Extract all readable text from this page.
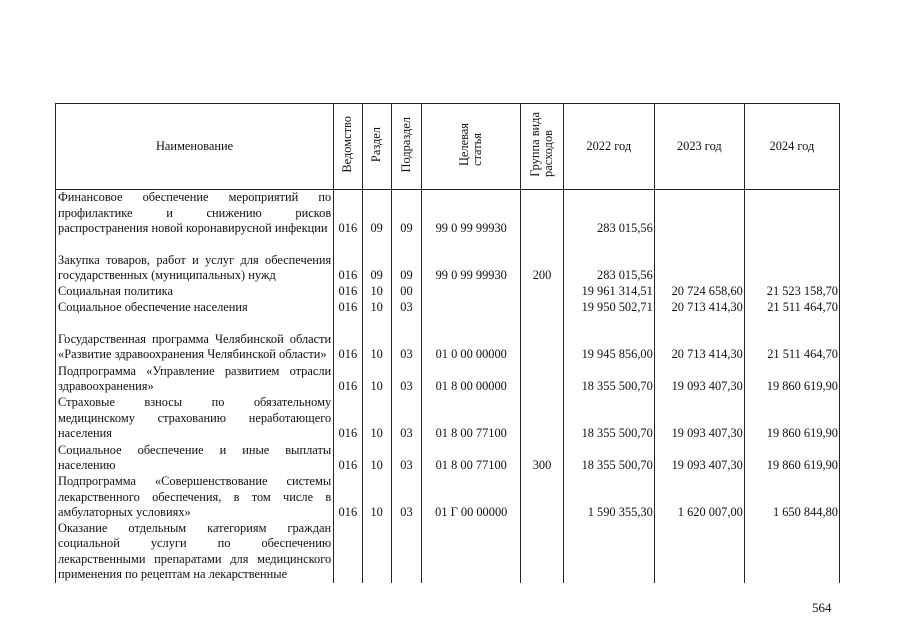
Наименование	Ведомство	Раздел	Подраздел	Целеваястатья	Группа видарасходов	2022 год	2023 год	2024 год
Финансовое обеспечение мероприятий по профилактике и снижению рисков распространения новой коронавирусной инфекции	016	09	09	99 0 99 99930		283 015,56		
Закупка товаров, работ и услуг для обеспечения государственных (муниципальных) нужд	016	09	09	99 0 99 99930	200	283 015,56		
Социальная политика	016	10	00			19 961 314,51	20 724 658,60	21 523 158,70
Социальное обеспечение населения	016	10	03			19 950 502,71	20 713 414,30	21 511 464,70
Государственная программа Челябинской области «Развитие здравоохранения Челябинской области»	016	10	03	01 0 00 00000		19 945 856,00	20 713 414,30	21 511 464,70
Подпрограмма «Управление развитием отрасли здравоохранения»	016	10	03	01 8 00 00000		18 355 500,70	19 093 407,30	19 860 619,90
Страховые взносы по обязательному медицинскому страхованию неработающего населения	016	10	03	01 8 00 77100		18 355 500,70	19 093 407,30	19 860 619,90
Социальное обеспечение и иные выплаты населению	016	10	03	01 8 00 77100	300	18 355 500,70	19 093 407,30	19 860 619,90
Подпрограмма «Совершенствование системы лекарственного обеспечения, в том числе в амбулаторных условиях»	016	10	03	01 Г 00 00000		1 590 355,30	1 620 007,00	1 650 844,80
Оказание отдельным категориям граждан социальной услуги по обеспечению лекарственными препаратами для медицинского применения по рецептам на лекарственные								
564
